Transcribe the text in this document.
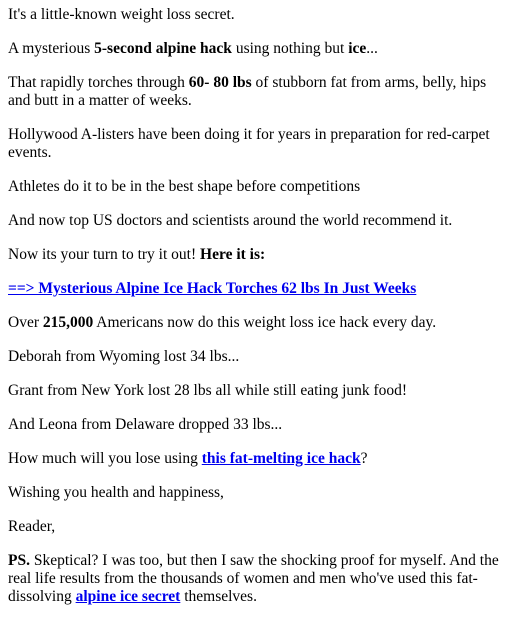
It's a little-known weight loss secret.

A mysterious 5-second alpine hack using nothing but ice...

That rapidly torches through 60- 80 lbs of stubborn fat from arms, belly, hips and butt in a matter of weeks.

Hollywood A-listers have been doing it for years in preparation for red-carpet events.

Athletes do it to be in the best shape before competitions

And now top US doctors and scientists around the world recommend it.

Now its your turn to try it out! Here it is:

==> Mysterious Alpine Ice Hack Torches 62 lbs In Just Weeks

Over 215,000 Americans now do this weight loss ice hack every day.

Deborah from Wyoming lost 34 lbs...

Grant from New York lost 28 lbs all while still eating junk food!

And Leona from Delaware dropped 33 lbs...

How much will you lose using this fat-melting ice hack?

Wishing you health and happiness,

Reader,

PS. Skeptical? I was too, but then I saw the shocking proof for myself. And the real life results from the thousands of women and men who've used this fat-dissolving alpine ice secret themselves.
